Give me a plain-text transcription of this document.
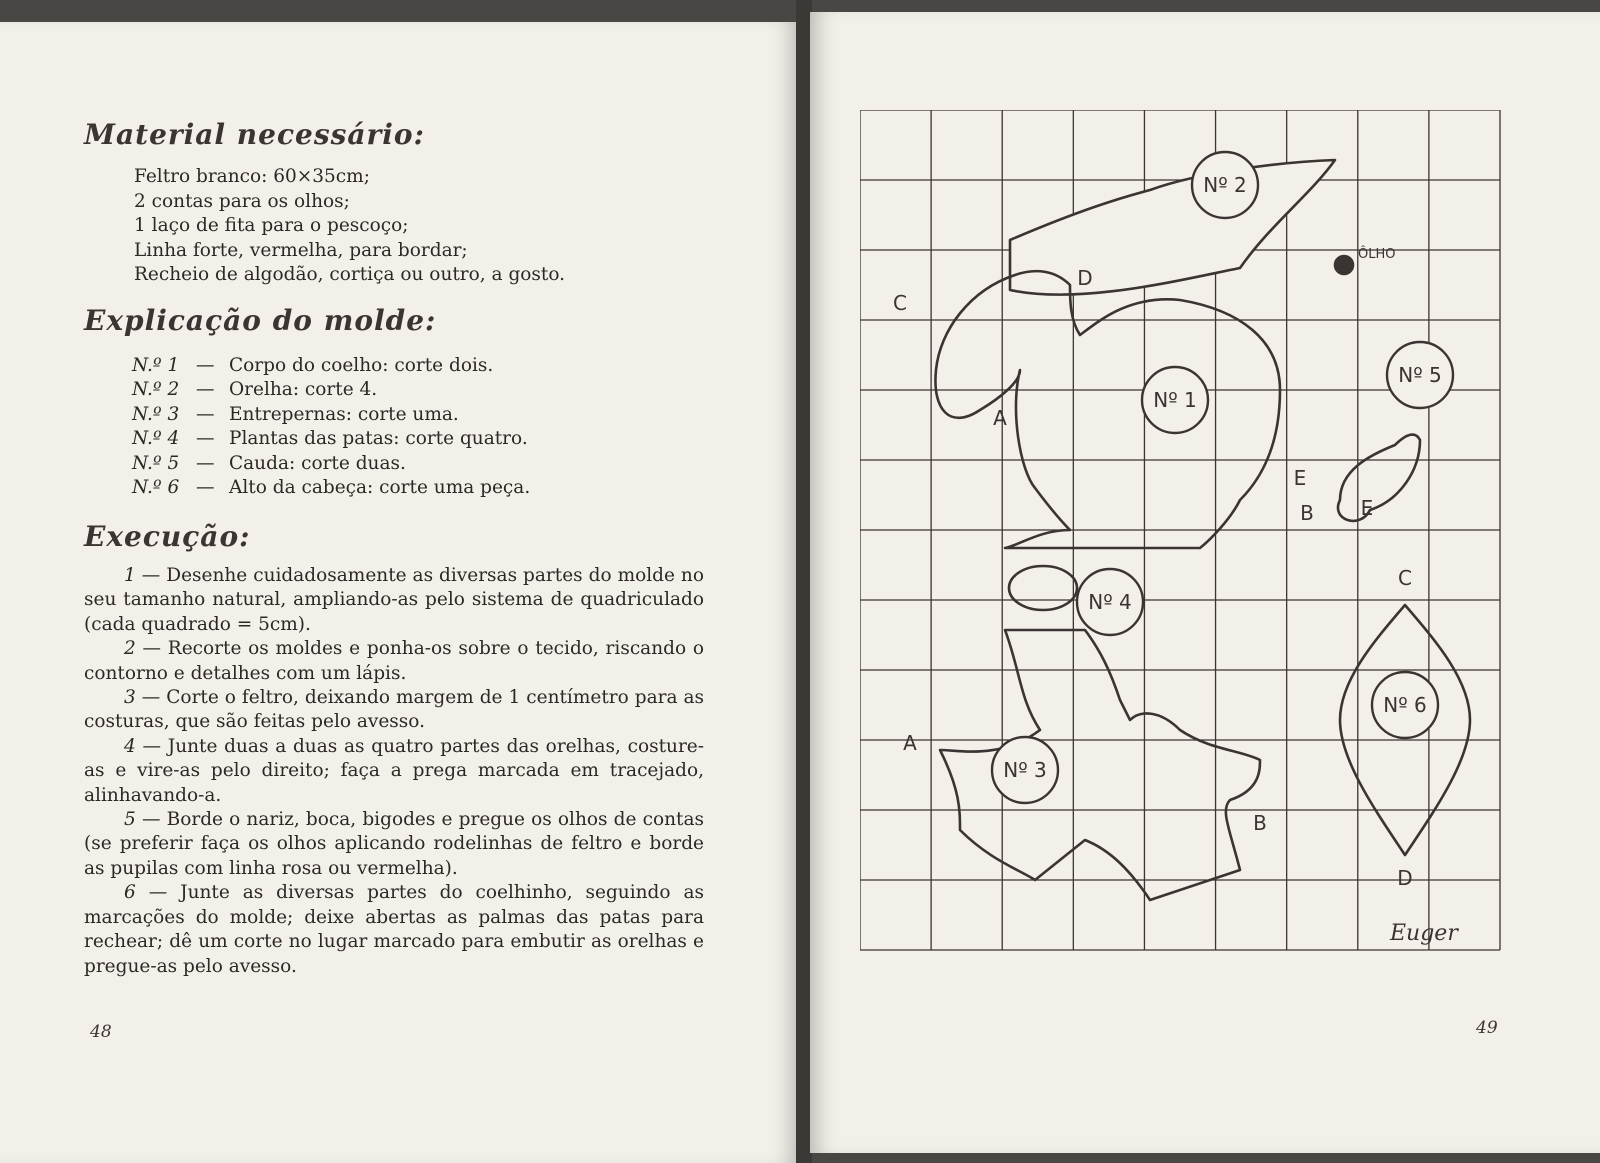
Material necessário:
Feltro branco: 60×35cm;
2 contas para os olhos;
1 laço de fita para o pescoço;
Linha forte, vermelha, para bordar;
Recheio de algodão, cortiça ou outro, a gosto.
Explicação do molde:
N.º 1 — Corpo do coelho: corte dois.
N.º 2 — Orelha: corte 4.
N.º 3 — Entrepernas: corte uma.
N.º 4 — Plantas das patas: corte quatro.
N.º 5 — Cauda: corte duas.
N.º 6 — Alto da cabeça: corte uma peça.
Execução:

1 — Desenhe cuidadosamente as diversas partes do molde no seu tamanho natural, ampliando-as pelo sistema de quadriculado (cada quadrado = 5cm).

2 — Recorte os moldes e ponha-os sobre o tecido, riscando o contorno e detalhes com um lápis.

3 — Corte o feltro, deixando margem de 1 centímetro para as costuras, que são feitas pelo avesso.

4 — Junte duas a duas as quatro partes das orelhas, costure-as e vire-as pelo direito; faça a prega marcada em tracejado, alinhavando-a.

5 — Borde o nariz, boca, bigodes e pregue os olhos de contas (se preferir faça os olhos aplicando rodelinhas de feltro e borde as pupilas com linha rosa ou vermelha).

6 — Junte as diversas partes do coelhinho, seguindo as marcações do molde; deixe abertas as palmas das patas para rechear; dê um corte no lugar marcado para embutir as orelhas e pregue-as pelo avesso.

48	49
Nº 1
Nº 2
Nº 3
Nº 4
Nº 5
Nº 6
A
A
B
B
C
C
D
D
E
E
ÔLHO
Euger
